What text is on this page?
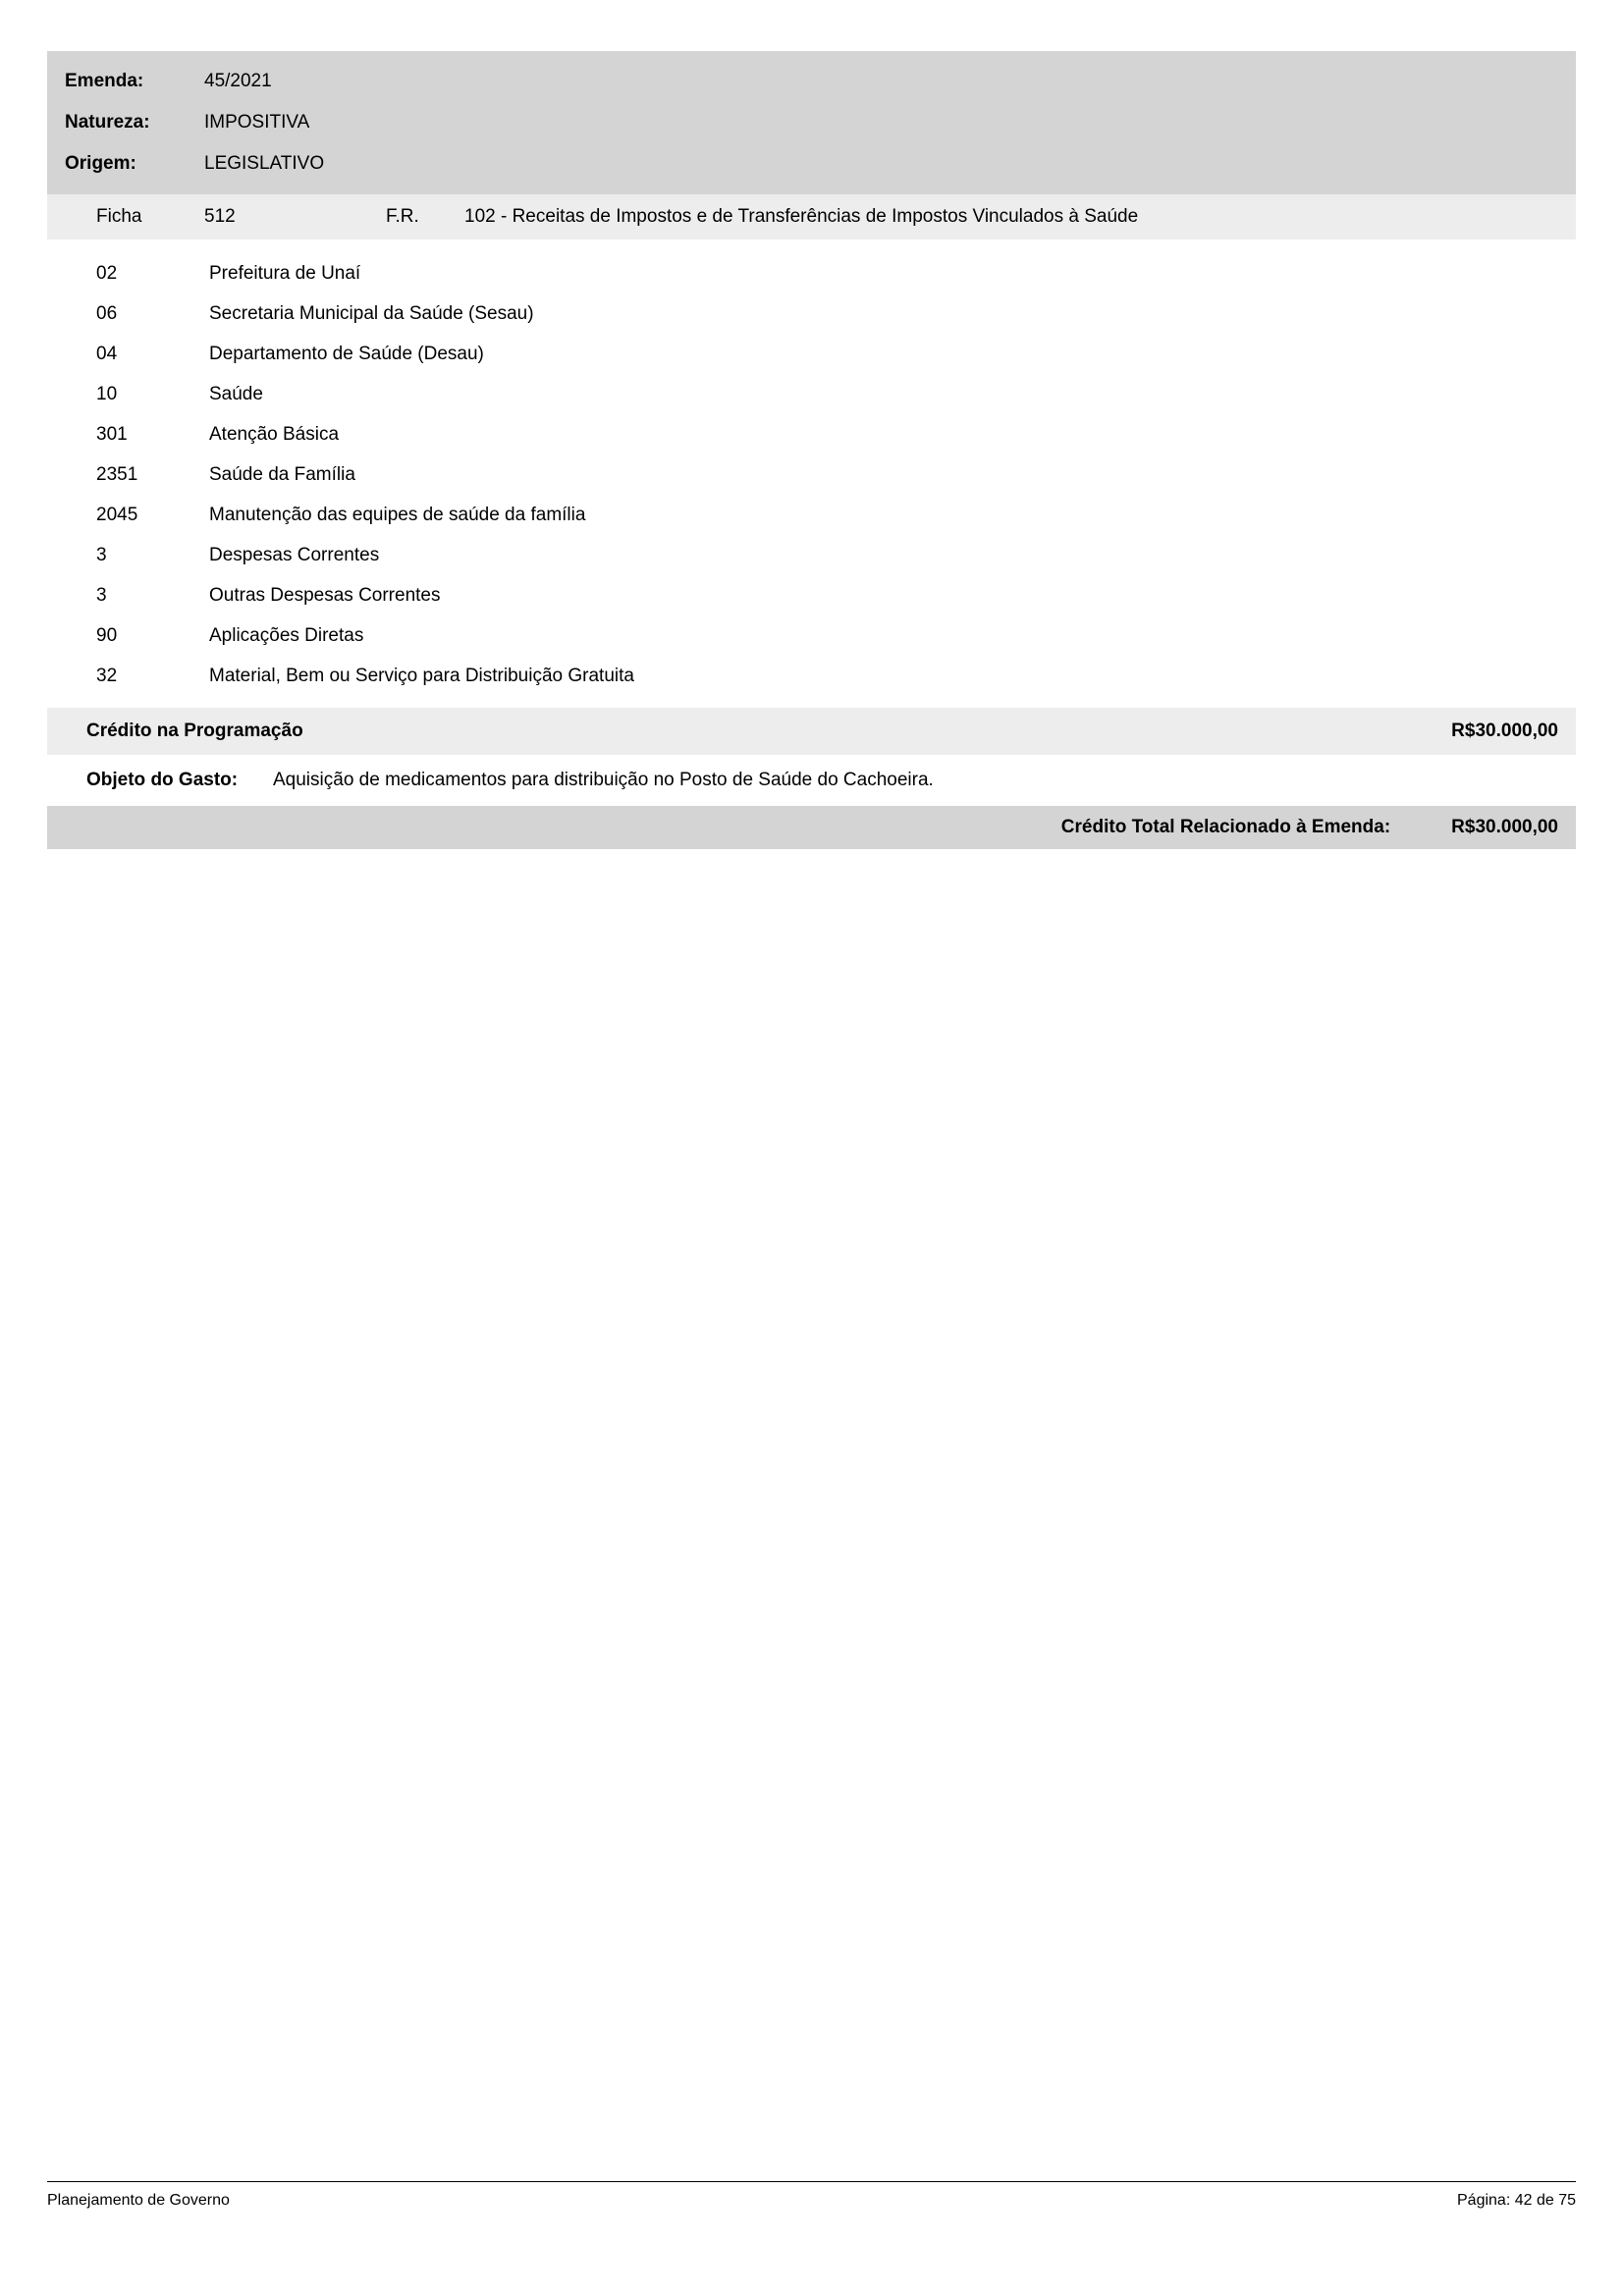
Emenda:	45/2021
Natureza:	IMPOSITIVA
Origem:	LEGISLATIVO
Ficha	512	F.R.	102 - Receitas de Impostos e de Transferências de Impostos Vinculados à Saúde
02	Prefeitura de Unaí
06	Secretaria Municipal da Saúde (Sesau)
04	Departamento de Saúde (Desau)
10	Saúde
301	Atenção Básica
2351	Saúde da Família
2045	Manutenção das equipes de saúde da família
3	Despesas Correntes
3	Outras Despesas Correntes
90	Aplicações Diretas
32	Material, Bem ou Serviço para Distribuição Gratuita
Crédito na Programação	R$30.000,00
Objeto do Gasto:	Aquisição de medicamentos para distribuição no Posto de Saúde do Cachoeira.
Crédito Total Relacionado à Emenda:	R$30.000,00
Planejamento de Governo	Página: 42 de 75
